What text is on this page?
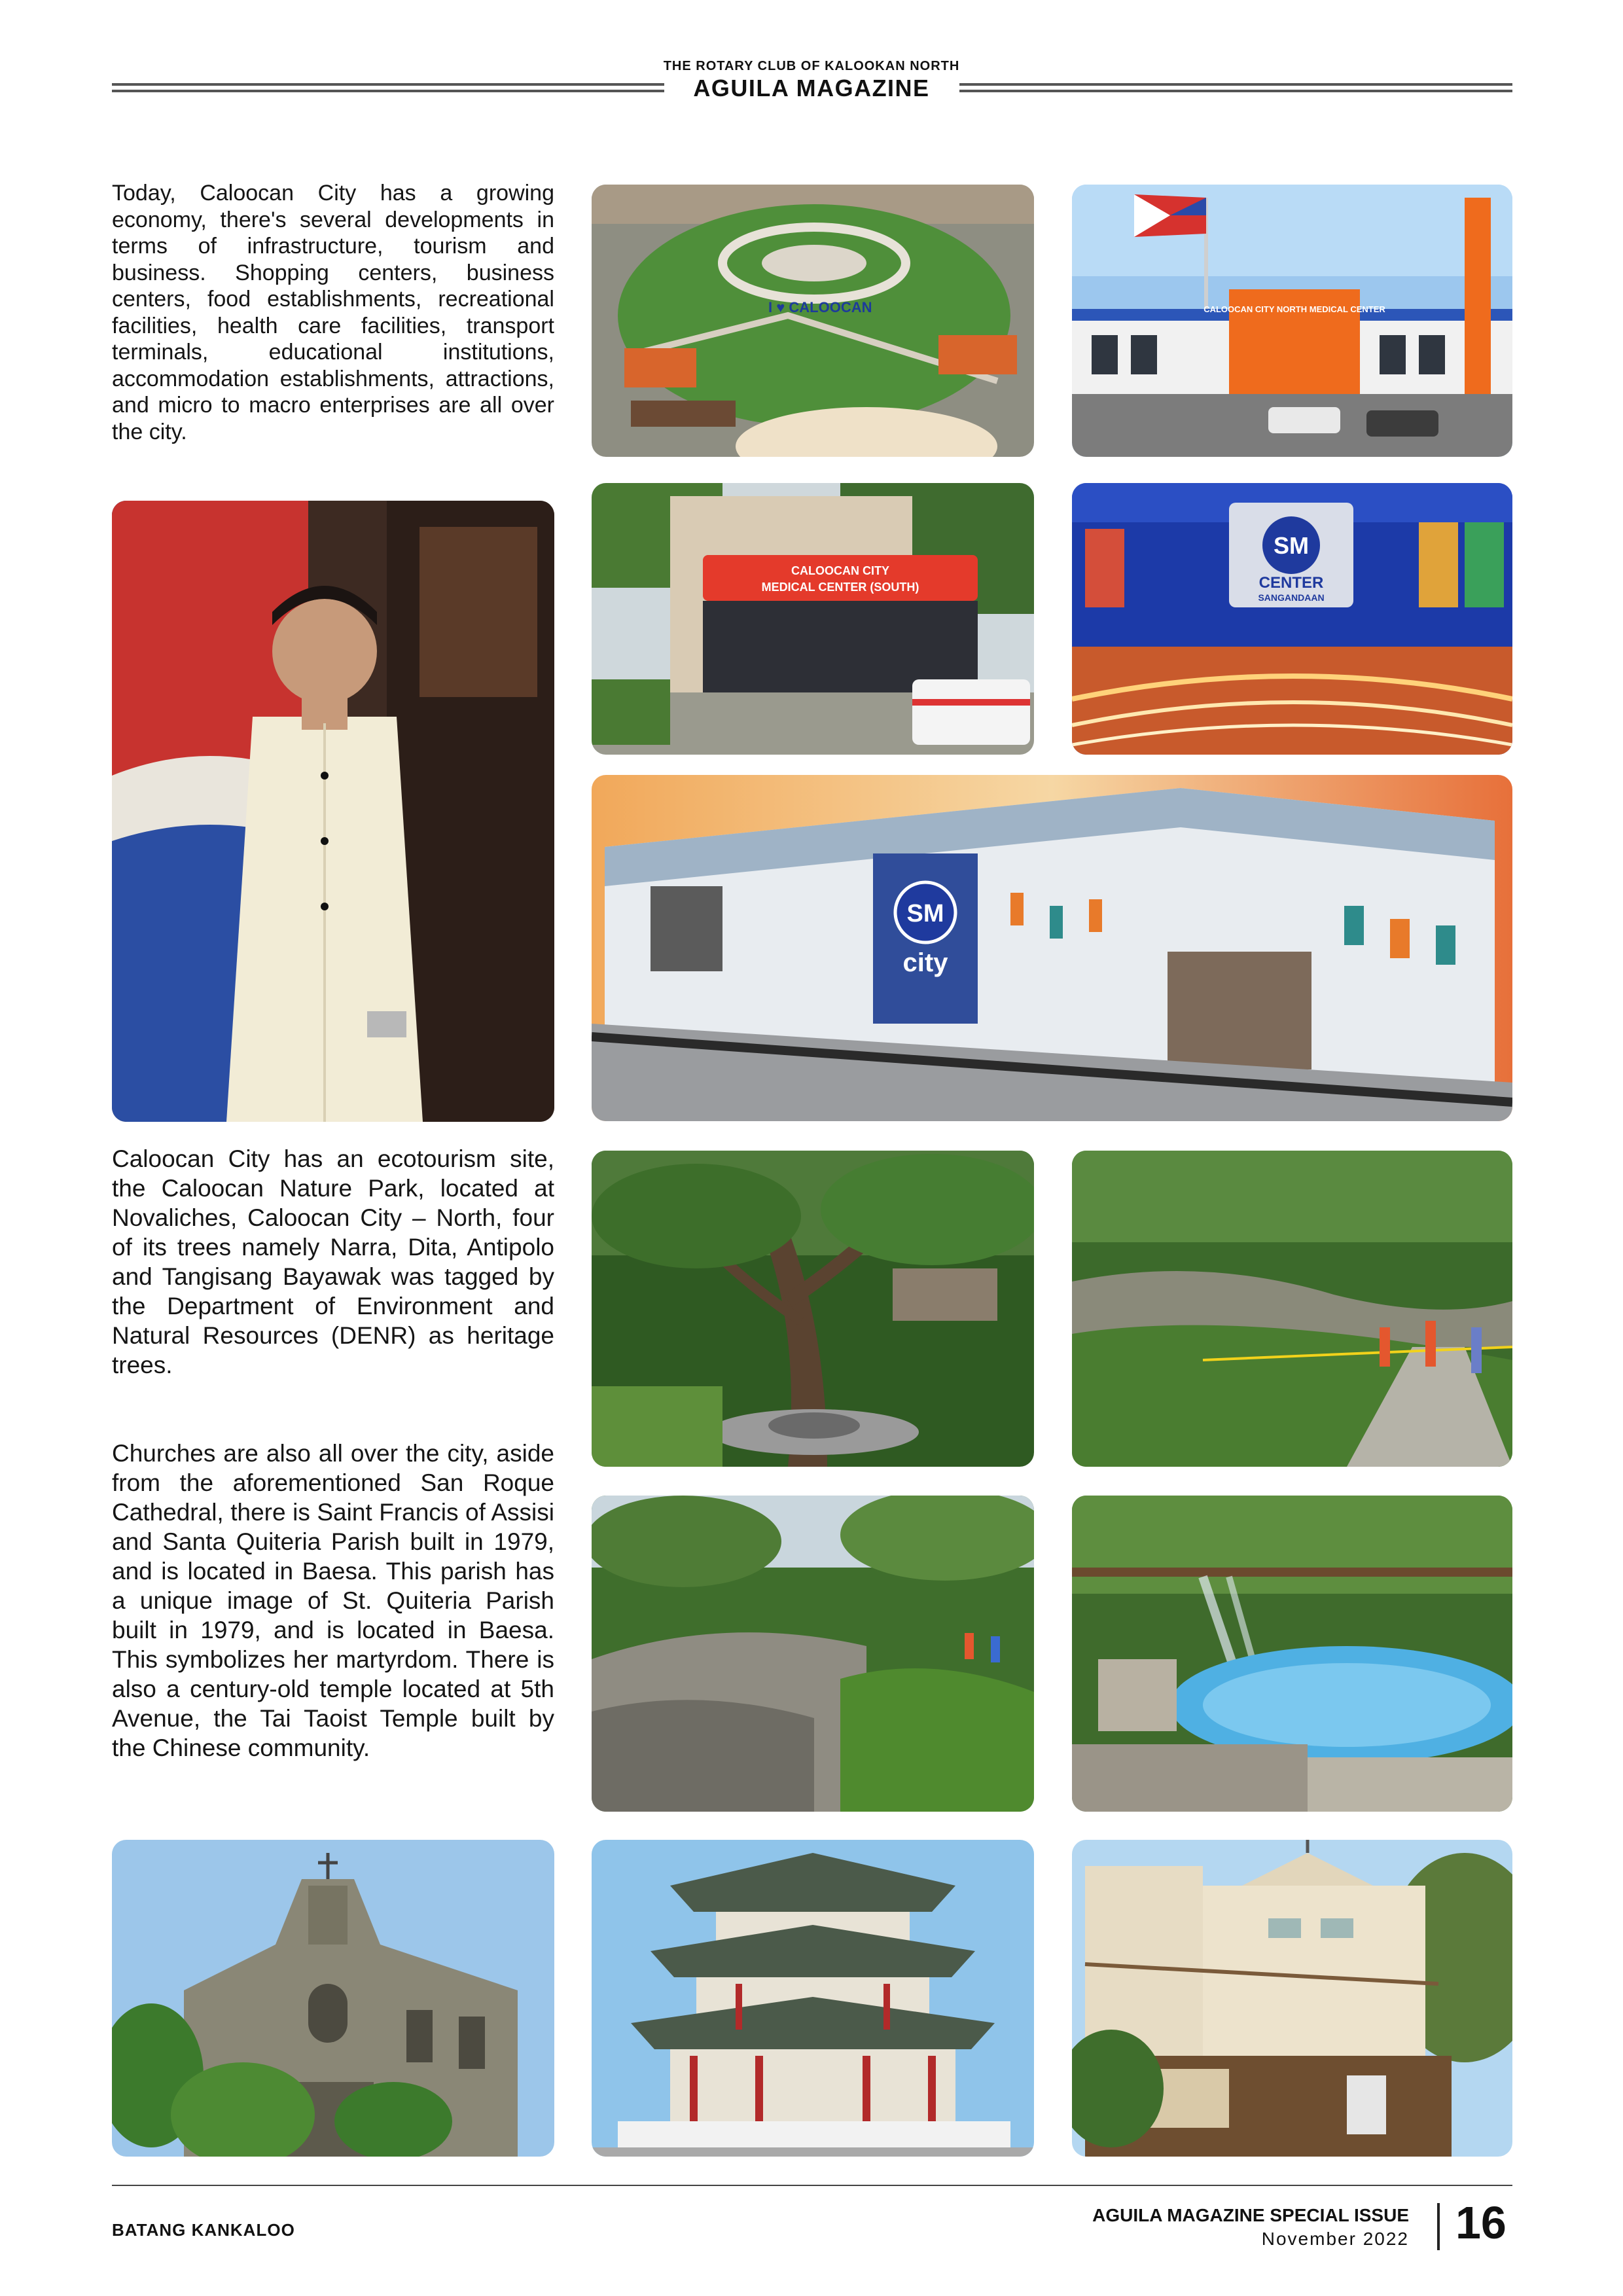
THE ROTARY CLUB OF KALOOKAN NORTH
AGUILA MAGAZINE
Today, Caloocan City has a growing economy, there's several developments in terms of infrastructure, tourism and business. Shopping centers, business centers, food establishments, recreational facilities, health care facilities, transport terminals, educational institutions, accommodation establishments, attractions, and micro to macro enterprises are all over the city.
Caloocan City has an ecotourism site, the Caloocan Nature Park, located at Novaliches, Caloocan City – North, four of its trees namely Narra, Dita, Antipolo and Tangisang Bayawak was tagged by the Department of Environment and Natural Resources (DENR) as heritage trees.
Churches are also all over the city, aside from the aforementioned San Roque Cathedral, there is Saint Francis of Assisi and Santa Quiteria Parish built in 1979, and is located in Baesa. This parish has a unique image of St. Quiteria Parish built in 1979, and is located in Baesa. This symbolizes her martyrdom. There is also a century-old temple located at 5th Avenue, the Tai Taoist Temple built by the Chinese community.
I ♥ CALOOCAN	CALOOCAN CITY NORTH MEDICAL CENTER
CALOOCAN CITY
MEDICAL CENTER (SOUTH)
SM
CENTER
SANGANDAAN
SM
city
BATANG KANKALOO
AGUILA MAGAZINE SPECIAL ISSUE
November 2022 16
